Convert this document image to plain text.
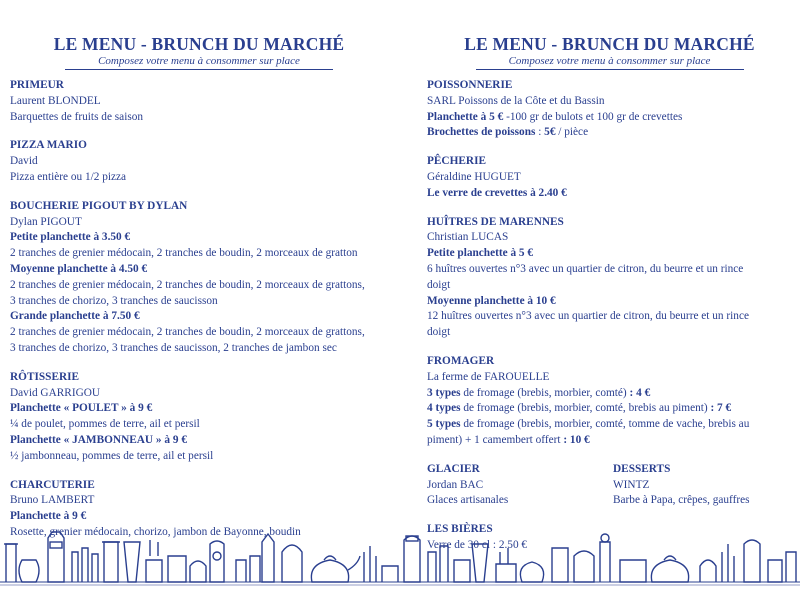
LE MENU - BRUNCH DU MARCHÉ
Composez votre menu à consommer sur place
PRIMEUR
Laurent BLONDEL
Barquettes de fruits de saison
PIZZA MARIO
David
Pizza entière ou 1/2 pizza
BOUCHERIE PIGOUT BY DYLAN
Dylan PIGOUT
Petite planchette à 3.50 €
2 tranches de grenier médocain, 2 tranches de boudin, 2 morceaux de gratton
Moyenne planchette à 4.50 €
2 tranches de grenier médocain, 2 tranches de boudin, 2 morceaux de grattons,
3 tranches de chorizo, 3 tranches de saucisson
Grande planchette à 7.50 €
2 tranches de grenier médocain, 2 tranches de boudin, 2 morceaux de grattons,
3 tranches de chorizo, 3 tranches de saucisson, 2 tranches de jambon sec
RÔTISSERIE
David GARRIGOU
Planchette « POULET » à 9 €
¼ de poulet, pommes de terre, ail et persil
Planchette « JAMBONNEAU » à 9 €
½ jambonneau, pommes de terre, ail et persil
CHARCUTERIE
Bruno LAMBERT
Planchette à 9 €
Rosette, grenier médocain, chorizo, jambon de Bayonne, boudin
LE MENU - BRUNCH DU MARCHÉ
Composez votre menu à consommer sur place
POISSONNERIE
SARL Poissons de la Côte et du Bassin
Planchette à 5 € -100 gr de bulots et 100 gr de crevettes
Brochettes de poissons : 5€ / pièce
PÊCHERIE
Géraldine HUGUET
Le verre de crevettes à 2.40 €
HUÎTRES DE MARENNES
Christian LUCAS
Petite planchette à 5 €
6 huîtres ouvertes n°3 avec un quartier de citron, du beurre et un rince
doigt
Moyenne planchette à 10 €
12 huîtres ouvertes n°3 avec un quartier de citron, du beurre et un rince
doigt
FROMAGER
La ferme de FAROUELLE
3 types de fromage (brebis, morbier, comté) : 4 €
4 types de fromage (brebis, morbier, comté, brebis au piment) : 7 €
5 types de fromage (brebis, morbier, comté, tomme de vache, brebis au
piment) + 1 camembert offert : 10 €
GLACIER
Jordan BAC
Glaces artisanales
DESSERTS
WINTZ
Barbe à Papa, crêpes, gauffres
LES BIÈRES
Verre de 30 cl : 2.50 €
